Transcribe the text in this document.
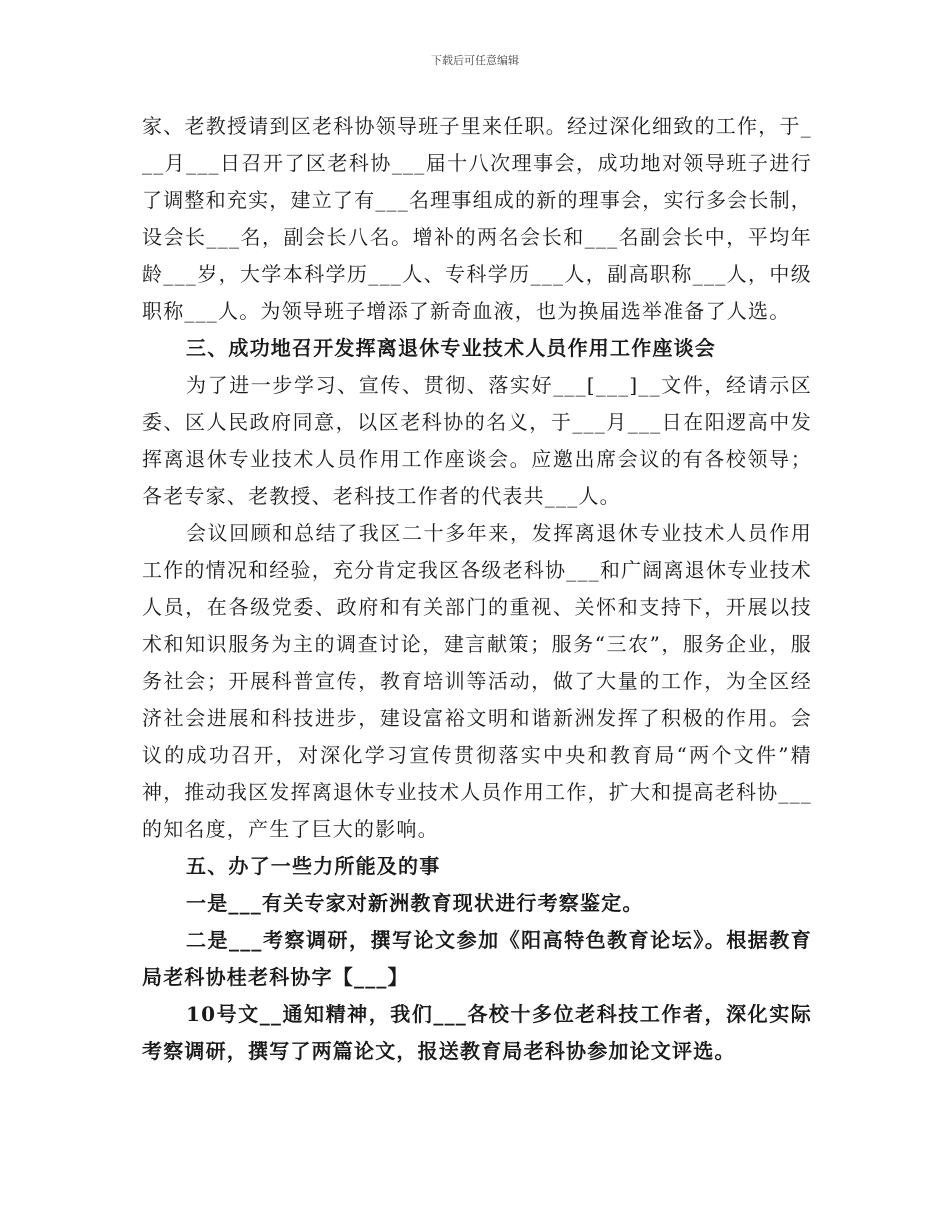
下载后可任意编辑

家、老教授请到区老科协领导班子里来任职。经过深化细致的工作，于___月___日召开了区老科协___届十八次理事会，成功地对领导班子进行了调整和充实，建立了有___名理事组成的新的理事会，实行多会长制，设会长___名，副会长八名。增补的两名会长和___名副会长中，平均年龄___岁，大学本科学历___人、专科学历___人，副高职称___人，中级职称___人。为领导班子增添了新奇血液，也为换届选举准备了人选。

三、成功地召开发挥离退休专业技术人员作用工作座谈会

为了进一步学习、宣传、贯彻、落实好___[___]__文件，经请示区委、区人民政府同意，以区老科协的名义，于___月___日在阳逻高中发挥离退休专业技术人员作用工作座谈会。应邀出席会议的有各校领导；各老专家、老教授、老科技工作者的代表共___人。

会议回顾和总结了我区二十多年来，发挥离退休专业技术人员作用工作的情况和经验，充分肯定我区各级老科协___和广阔离退休专业技术人员，在各级党委、政府和有关部门的重视、关怀和支持下，开展以技术和知识服务为主的调查讨论，建言献策；服务“三农”，服务企业，服务社会；开展科普宣传，教育培训等活动，做了大量的工作，为全区经济社会进展和科技进步，建设富裕文明和谐新洲发挥了积极的作用。会议的成功召开，对深化学习宣传贯彻落实中央和教育局“两个文件”精神，推动我区发挥离退休专业技术人员作用工作，扩大和提高老科协___的知名度，产生了巨大的影响。

五、办了一些力所能及的事

一是___有关专家对新洲教育现状进行考察鉴定。

二是___考察调研，撰写论文参加《阳高特色教育论坛》。根据教育局老科协桂老科协字【___】

10号文__通知精神，我们___各校十多位老科技工作者，深化实际考察调研，撰写了两篇论文，报送教育局老科协参加论文评选。
